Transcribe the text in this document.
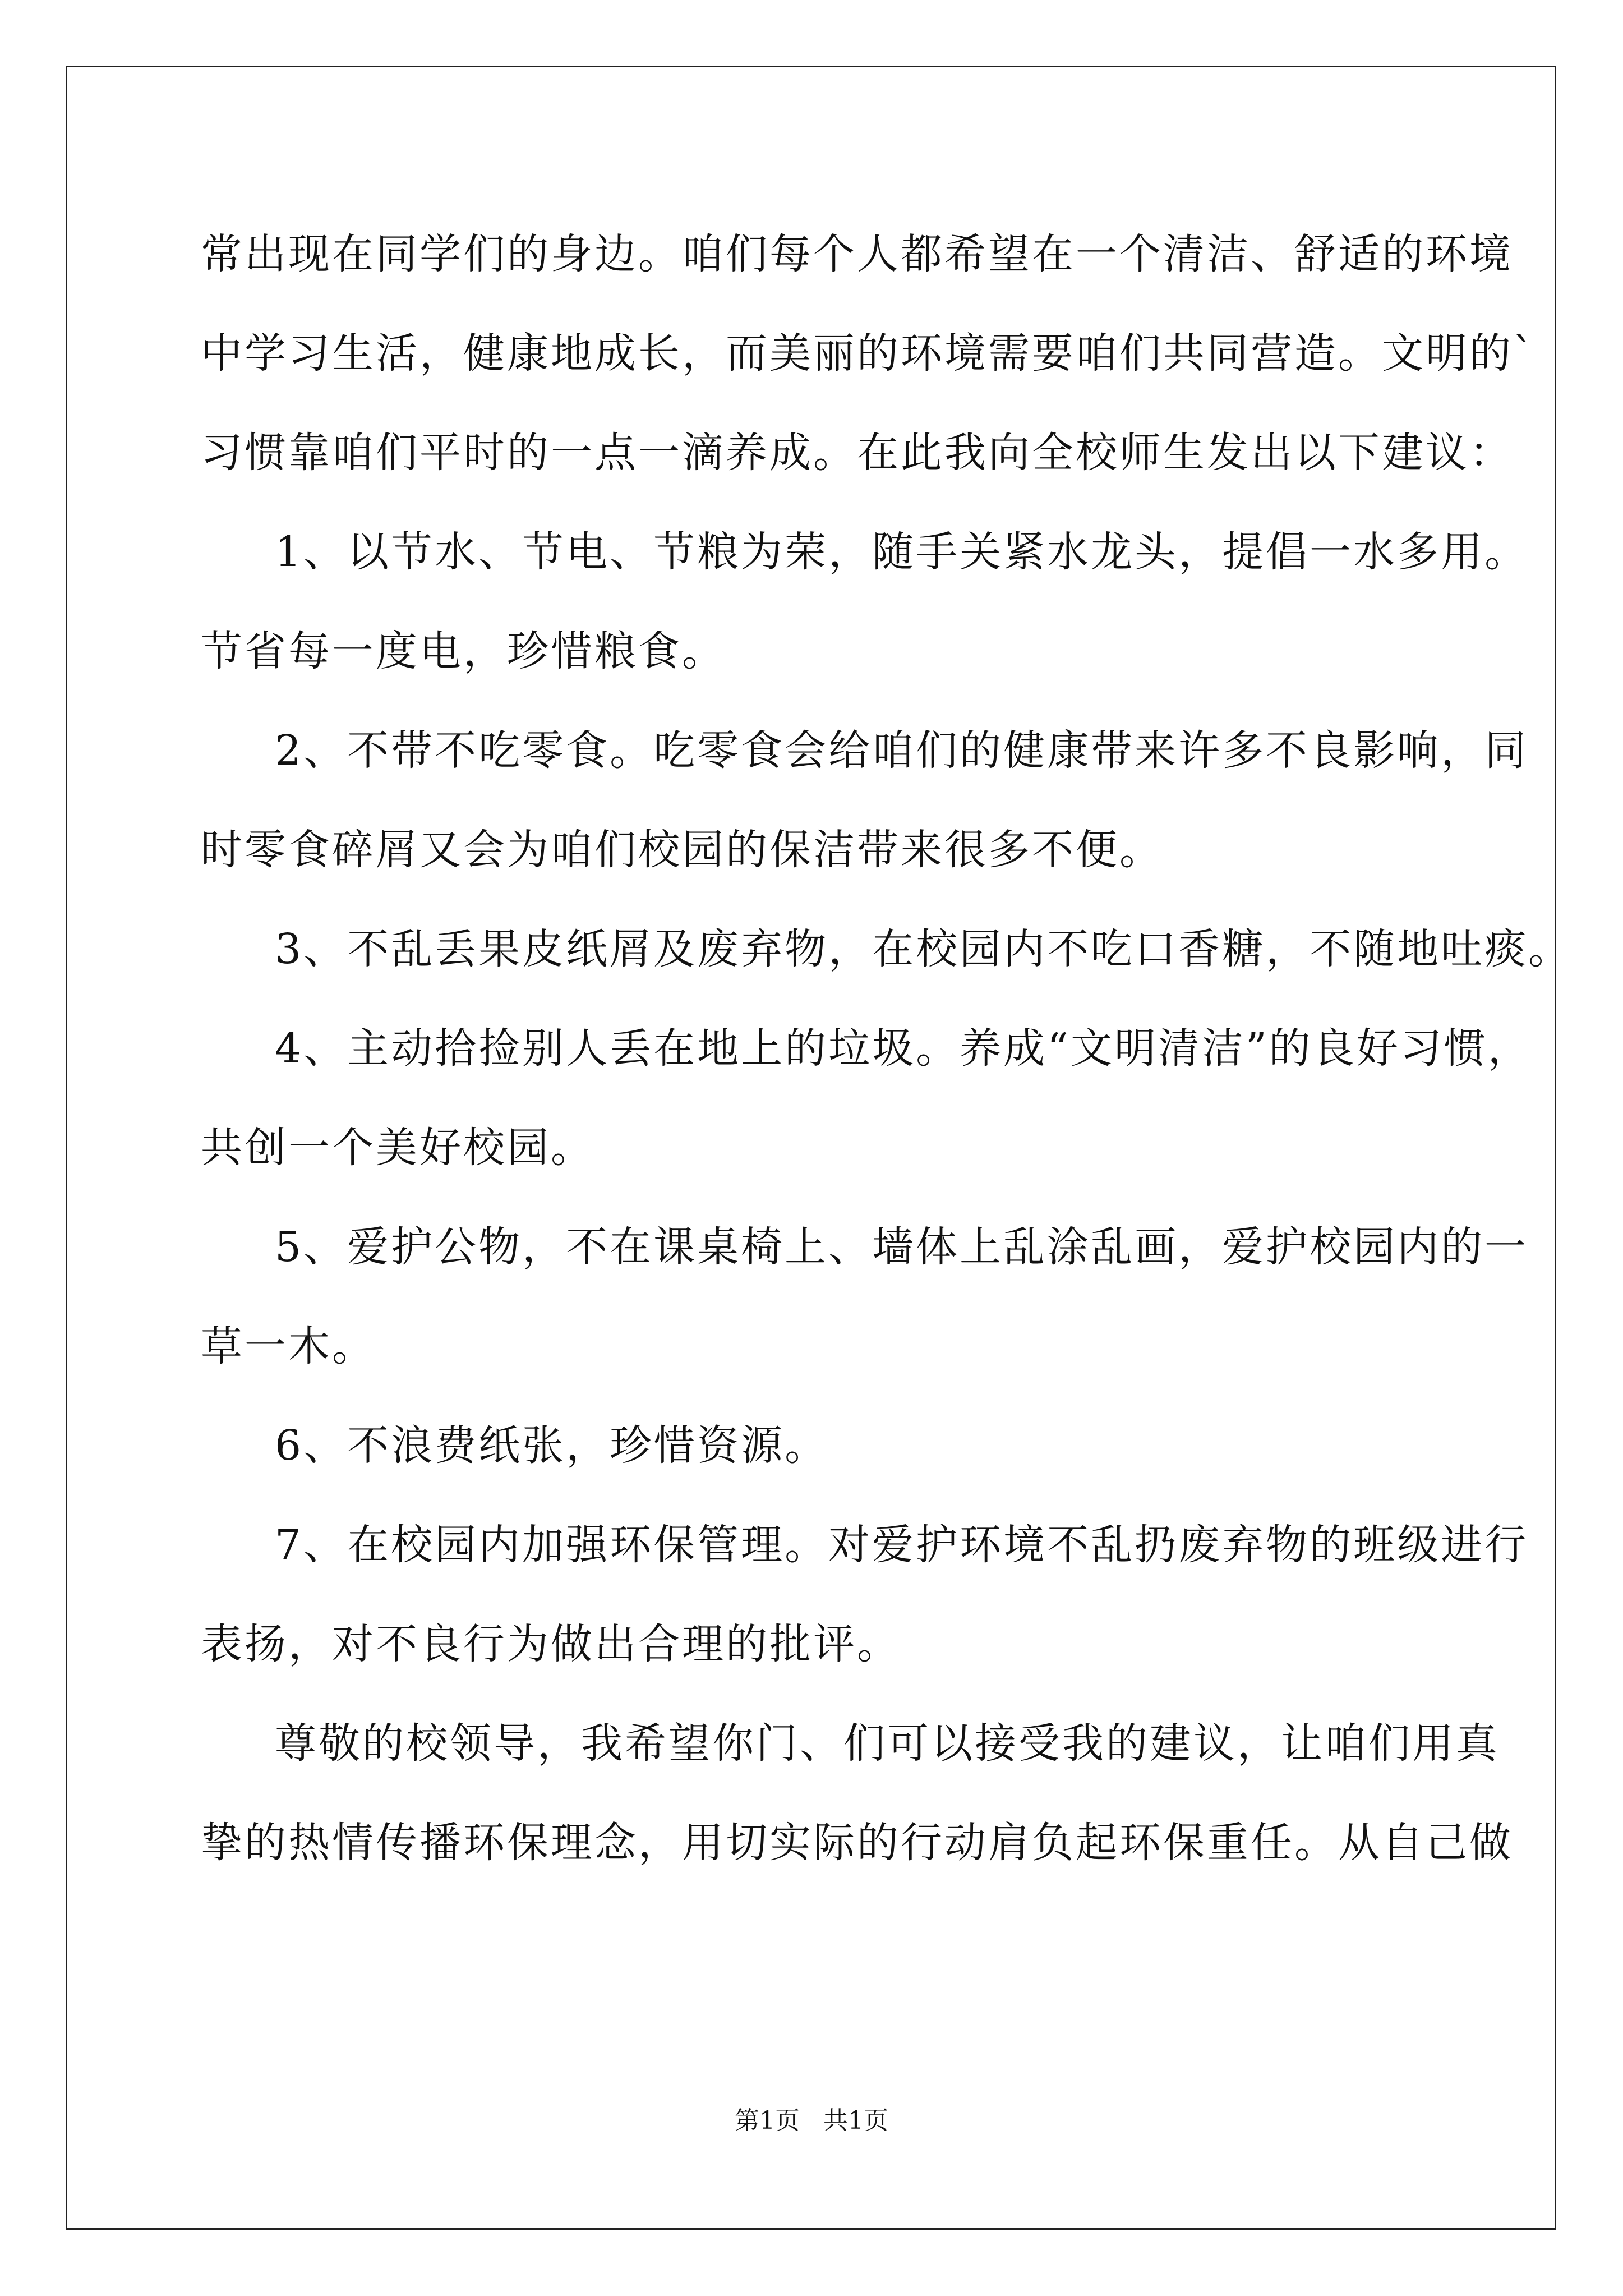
常出现在同学们的身边。咱们每个人都希望在一个清洁、舒适的环境
中学习生活，健康地成长，而美丽的环境需要咱们共同营造。文明的`
习惯靠咱们平时的一点一滴养成。在此我向全校师生发出以下建议：
1、以节水、节电、节粮为荣，随手关紧水龙头，提倡一水多用。
节省每一度电，珍惜粮食。
2、不带不吃零食。吃零食会给咱们的健康带来许多不良影响，同
时零食碎屑又会为咱们校园的保洁带来很多不便。
3、不乱丢果皮纸屑及废弃物，在校园内不吃口香糖，不随地吐痰。
4、主动拾捡别人丢在地上的垃圾。养成“文明清洁”的良好习惯，
共创一个美好校园。
5、爱护公物，不在课桌椅上、墙体上乱涂乱画，爱护校园内的一
草一木。
6、不浪费纸张，珍惜资源。
7、在校园内加强环保管理。对爱护环境不乱扔废弃物的班级进行
表扬，对不良行为做出合理的批评。
尊敬的校领导，我希望你门、们可以接受我的建议，让咱们用真
挚的热情传播环保理念，用切实际的行动肩负起环保重任。从自己做
第1页   共1页
